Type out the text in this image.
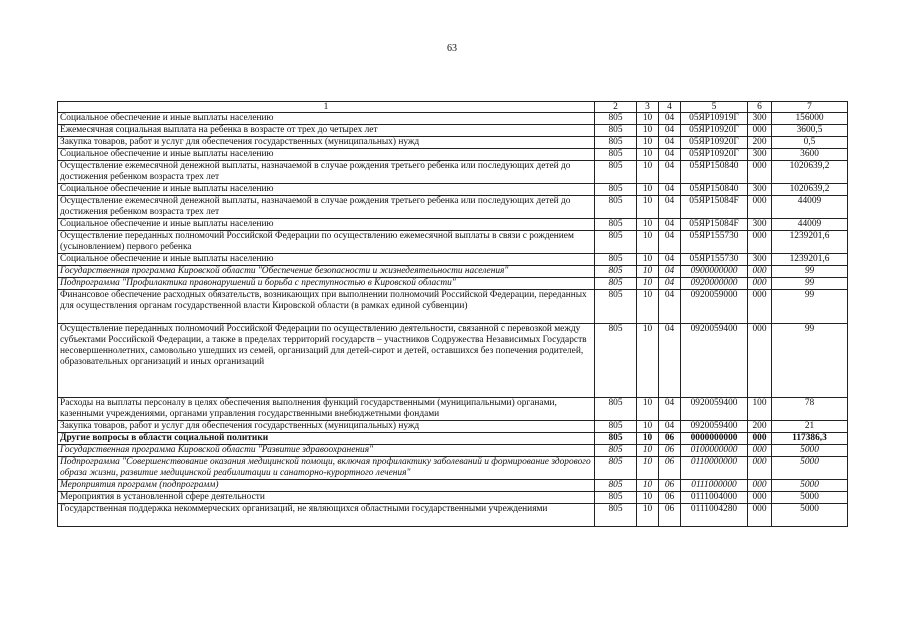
63
1	2	3	4	5	6	7
Социальное обеспечение и иные выплаты населению	805	10	04	05ЯР10919Г	300	156000
Ежемесячная социальная выплата на ребенка в возрасте от трех до четырех лет	805	10	04	05ЯР10920Г	000	3600,5
Закупка товаров, работ и услуг для обеспечения государственных (муниципальных) нужд	805	10	04	05ЯР10920Г	200	0,5
Социальное обеспечение и иные выплаты населению	805	10	04	05ЯР10920Г	300	3600
Осуществление ежемесячной денежной выплаты, назначаемой в случае рождения третьего ребенка или последующих детей до достижения ребенком возраста трех лет	805	10	04	05ЯР150840	000	1020639,2
Социальное обеспечение и иные выплаты населению	805	10	04	05ЯР150840	300	1020639,2
Осуществление ежемесячной денежной выплаты, назначаемой в случае рождения третьего ребенка или последующих детей до достижения ребенком возраста трех лет	805	10	04	05ЯР15084F	000	44009
Социальное обеспечение и иные выплаты населению	805	10	04	05ЯР15084F	300	44009
Осуществление переданных полномочий Российской Федерации по осуществлению ежемесячной выплаты в связи с рождением (усыновлением) первого ребенка	805	10	04	05ЯР155730	000	1239201,6
Социальное обеспечение и иные выплаты населению	805	10	04	05ЯР155730	300	1239201,6
Государственная программа Кировской области "Обеспечение безопасности и жизнедеятельности населения"	805	10	04	0900000000	000	99
Подпрограмма "Профилактика правонарушений и борьба с преступностью в Кировской области"	805	10	04	0920000000	000	99
Финансовое обеспечение расходных обязательств, возникающих при выполнении полномочий Российской Федерации, переданных для осуществления органам государственной власти Кировской области (в рамках единой субвенции)	805	10	04	0920059000	000	99
Осуществление переданных полномочий Российской Федерации по осуществлению деятельности, связанной с перевозкой между субъектами Российской Федерации, а также в пределах территорий государств – участников Содружества Независимых Государств несовершеннолетних, самовольно ушедших из семей, организаций для детей-сирот и детей, оставшихся без попечения родителей, образовательных организаций и иных организаций	805	10	04	0920059400	000	99
Расходы на выплаты персоналу в целях обеспечения выполнения функций государственными (муниципальными) органами, казенными учреждениями, органами управления государственными внебюджетными фондами	805	10	04	0920059400	100	78
Закупка товаров, работ и услуг для обеспечения государственных (муниципальных) нужд	805	10	04	0920059400	200	21
Другие вопросы в области социальной политики	805	10	06	0000000000	000	117386,3
Государственная программа Кировской области "Развитие здравоохранения"	805	10	06	0100000000	000	5000
Подпрограмма "Совершенствование оказания медицинской помощи, включая профилактику заболеваний и формирование здорового образа жизни, развитие медицинской реабилитации и санаторно-курортного лечения"	805	10	06	0110000000	000	5000
Мероприятия программ (подпрограмм)	805	10	06	0111000000	000	5000
Мероприятия в установленной сфере деятельности	805	10	06	0111004000	000	5000
Государственная поддержка некоммерческих организаций, не являющихся областными государственными учреждениями	805	10	06	0111004280	000	5000
